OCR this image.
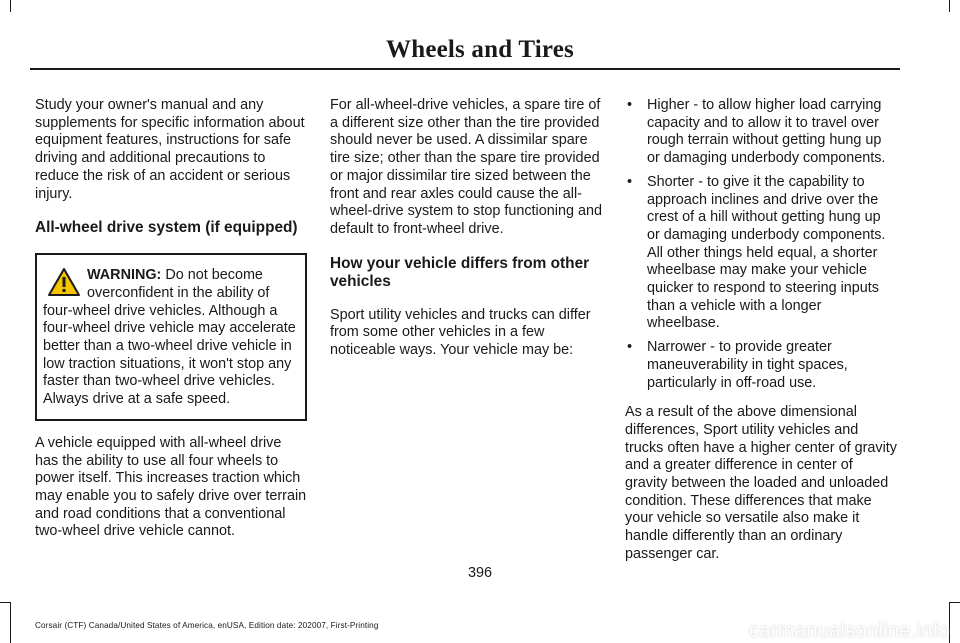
Wheels and Tires

Study your owner's manual and any supplements for specific information about equipment features, instructions for safe driving and additional precautions to reduce the risk of an accident or serious injury.

All-wheel drive system (if equipped)
WARNING: Do not become overconfident in the ability of four-wheel drive vehicles. Although a four-wheel drive vehicle may accelerate better than a two-wheel drive vehicle in low traction situations, it won't stop any faster than two-wheel drive vehicles. Always drive at a safe speed.

A vehicle equipped with all-wheel drive has the ability to use all four wheels to power itself. This increases traction which may enable you to safely drive over terrain and road conditions that a conventional two-wheel drive vehicle cannot.

For all-wheel-drive vehicles, a spare tire of a different size other than the tire provided should never be used. A dissimilar spare tire size; other than the spare tire provided or major dissimilar tire sized between the front and rear axles could cause the all-wheel-drive system to stop functioning and default to front-wheel drive.

How your vehicle differs from other vehicles

Sport utility vehicles and trucks can differ from some other vehicles in a few noticeable ways. Your vehicle may be:

• Higher - to allow higher load carrying capacity and to allow it to travel over rough terrain without getting hung up or damaging underbody components.
• Shorter - to give it the capability to approach inclines and drive over the crest of a hill without getting hung up or damaging underbody components. All other things held equal, a shorter wheelbase may make your vehicle quicker to respond to steering inputs than a vehicle with a longer wheelbase.
• Narrower - to provide greater maneuverability in tight spaces, particularly in off-road use.

As a result of the above dimensional differences, Sport utility vehicles and trucks often have a higher center of gravity and a greater difference in center of gravity between the loaded and unloaded condition. These differences that make your vehicle so versatile also make it handle differently than an ordinary passenger car.

396
Corsair (CTF) Canada/United States of America, enUSA, Edition date: 202007, First-Printing	carmanualsonline.info
